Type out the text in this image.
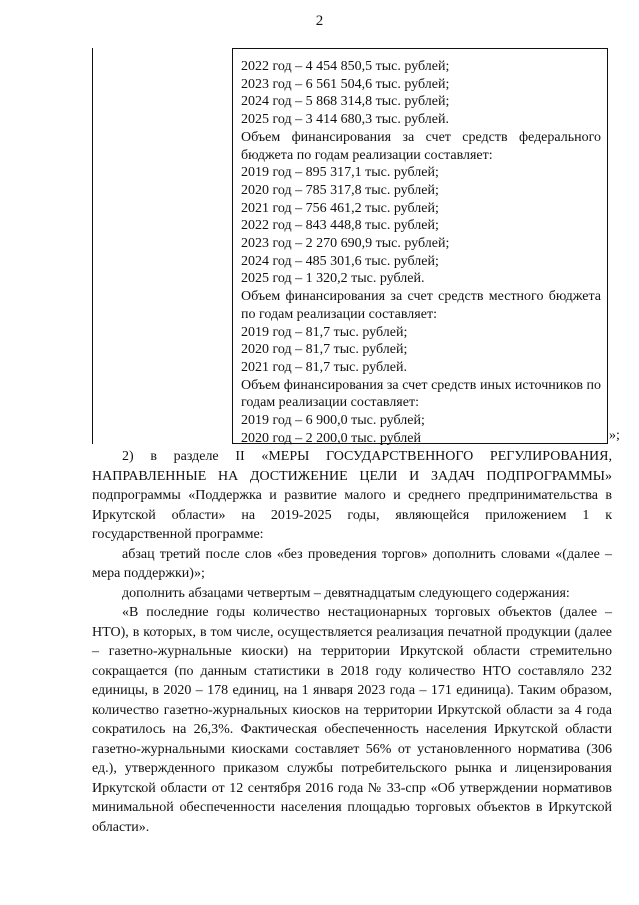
2

2022 год – 4 454 850,5 тыс. рублей;

2023 год – 6 561 504,6 тыс. рублей;

2024 год – 5 868 314,8 тыс. рублей;

2025 год – 3 414 680,3 тыс. рублей.

Объем финансирования за счет средств федерального бюджета по годам реализации составляет:

2019 год – 895 317,1 тыс. рублей;

2020 год – 785 317,8 тыс. рублей;

2021 год – 756 461,2 тыс. рублей;

2022 год – 843 448,8 тыс. рублей;

2023 год – 2 270 690,9 тыс. рублей;

2024 год – 485 301,6 тыс. рублей;

2025 год – 1 320,2 тыс. рублей.

Объем финансирования за счет средств местного бюджета по годам реализации составляет:

2019 год – 81,7 тыс. рублей;

2020 год – 81,7 тыс. рублей;

2021 год – 81,7 тыс. рублей.

Объем финансирования за счет средств иных источников по годам реализации составляет:

2019 год – 6 900,0 тыс. рублей;

2020 год – 2 200,0 тыс. рублей	»;

2) в разделе II «МЕРЫ ГОСУДАРСТВЕННОГО РЕГУЛИРОВАНИЯ, НАПРАВЛЕННЫЕ НА ДОСТИЖЕНИЕ ЦЕЛИ И ЗАДАЧ ПОДПРОГРАММЫ» подпрограммы «Поддержка и развитие малого и среднего предпринимательства в Иркутской области» на 2019-2025 годы, являющейся приложением 1 к государственной программе:

абзац третий после слов «без проведения торгов» дополнить словами «(далее – мера поддержки)»;

дополнить абзацами четвертым – девятнадцатым следующего содержания:

«В последние годы количество нестационарных торговых объектов (далее – НТО), в которых, в том числе, осуществляется реализация печатной продукции (далее – газетно-журнальные киоски) на территории Иркутской области стремительно сокращается (по данным статистики в 2018 году количество НТО составляло 232 единицы, в 2020 – 178 единиц, на 1 января 2023 года – 171 единица). Таким образом, количество газетно-журнальных киосков на территории Иркутской области за 4 года сократилось на 26,3%. Фактическая обеспеченность населения Иркутской области газетно-журнальными киосками составляет 56% от установленного норматива (306 ед.), утвержденного приказом службы потребительского рынка и лицензирования Иркутской области от 12 сентября 2016 года № 33-спр «Об утверждении нормативов минимальной обеспеченности населения площадью торговых объектов в Иркутской области».
